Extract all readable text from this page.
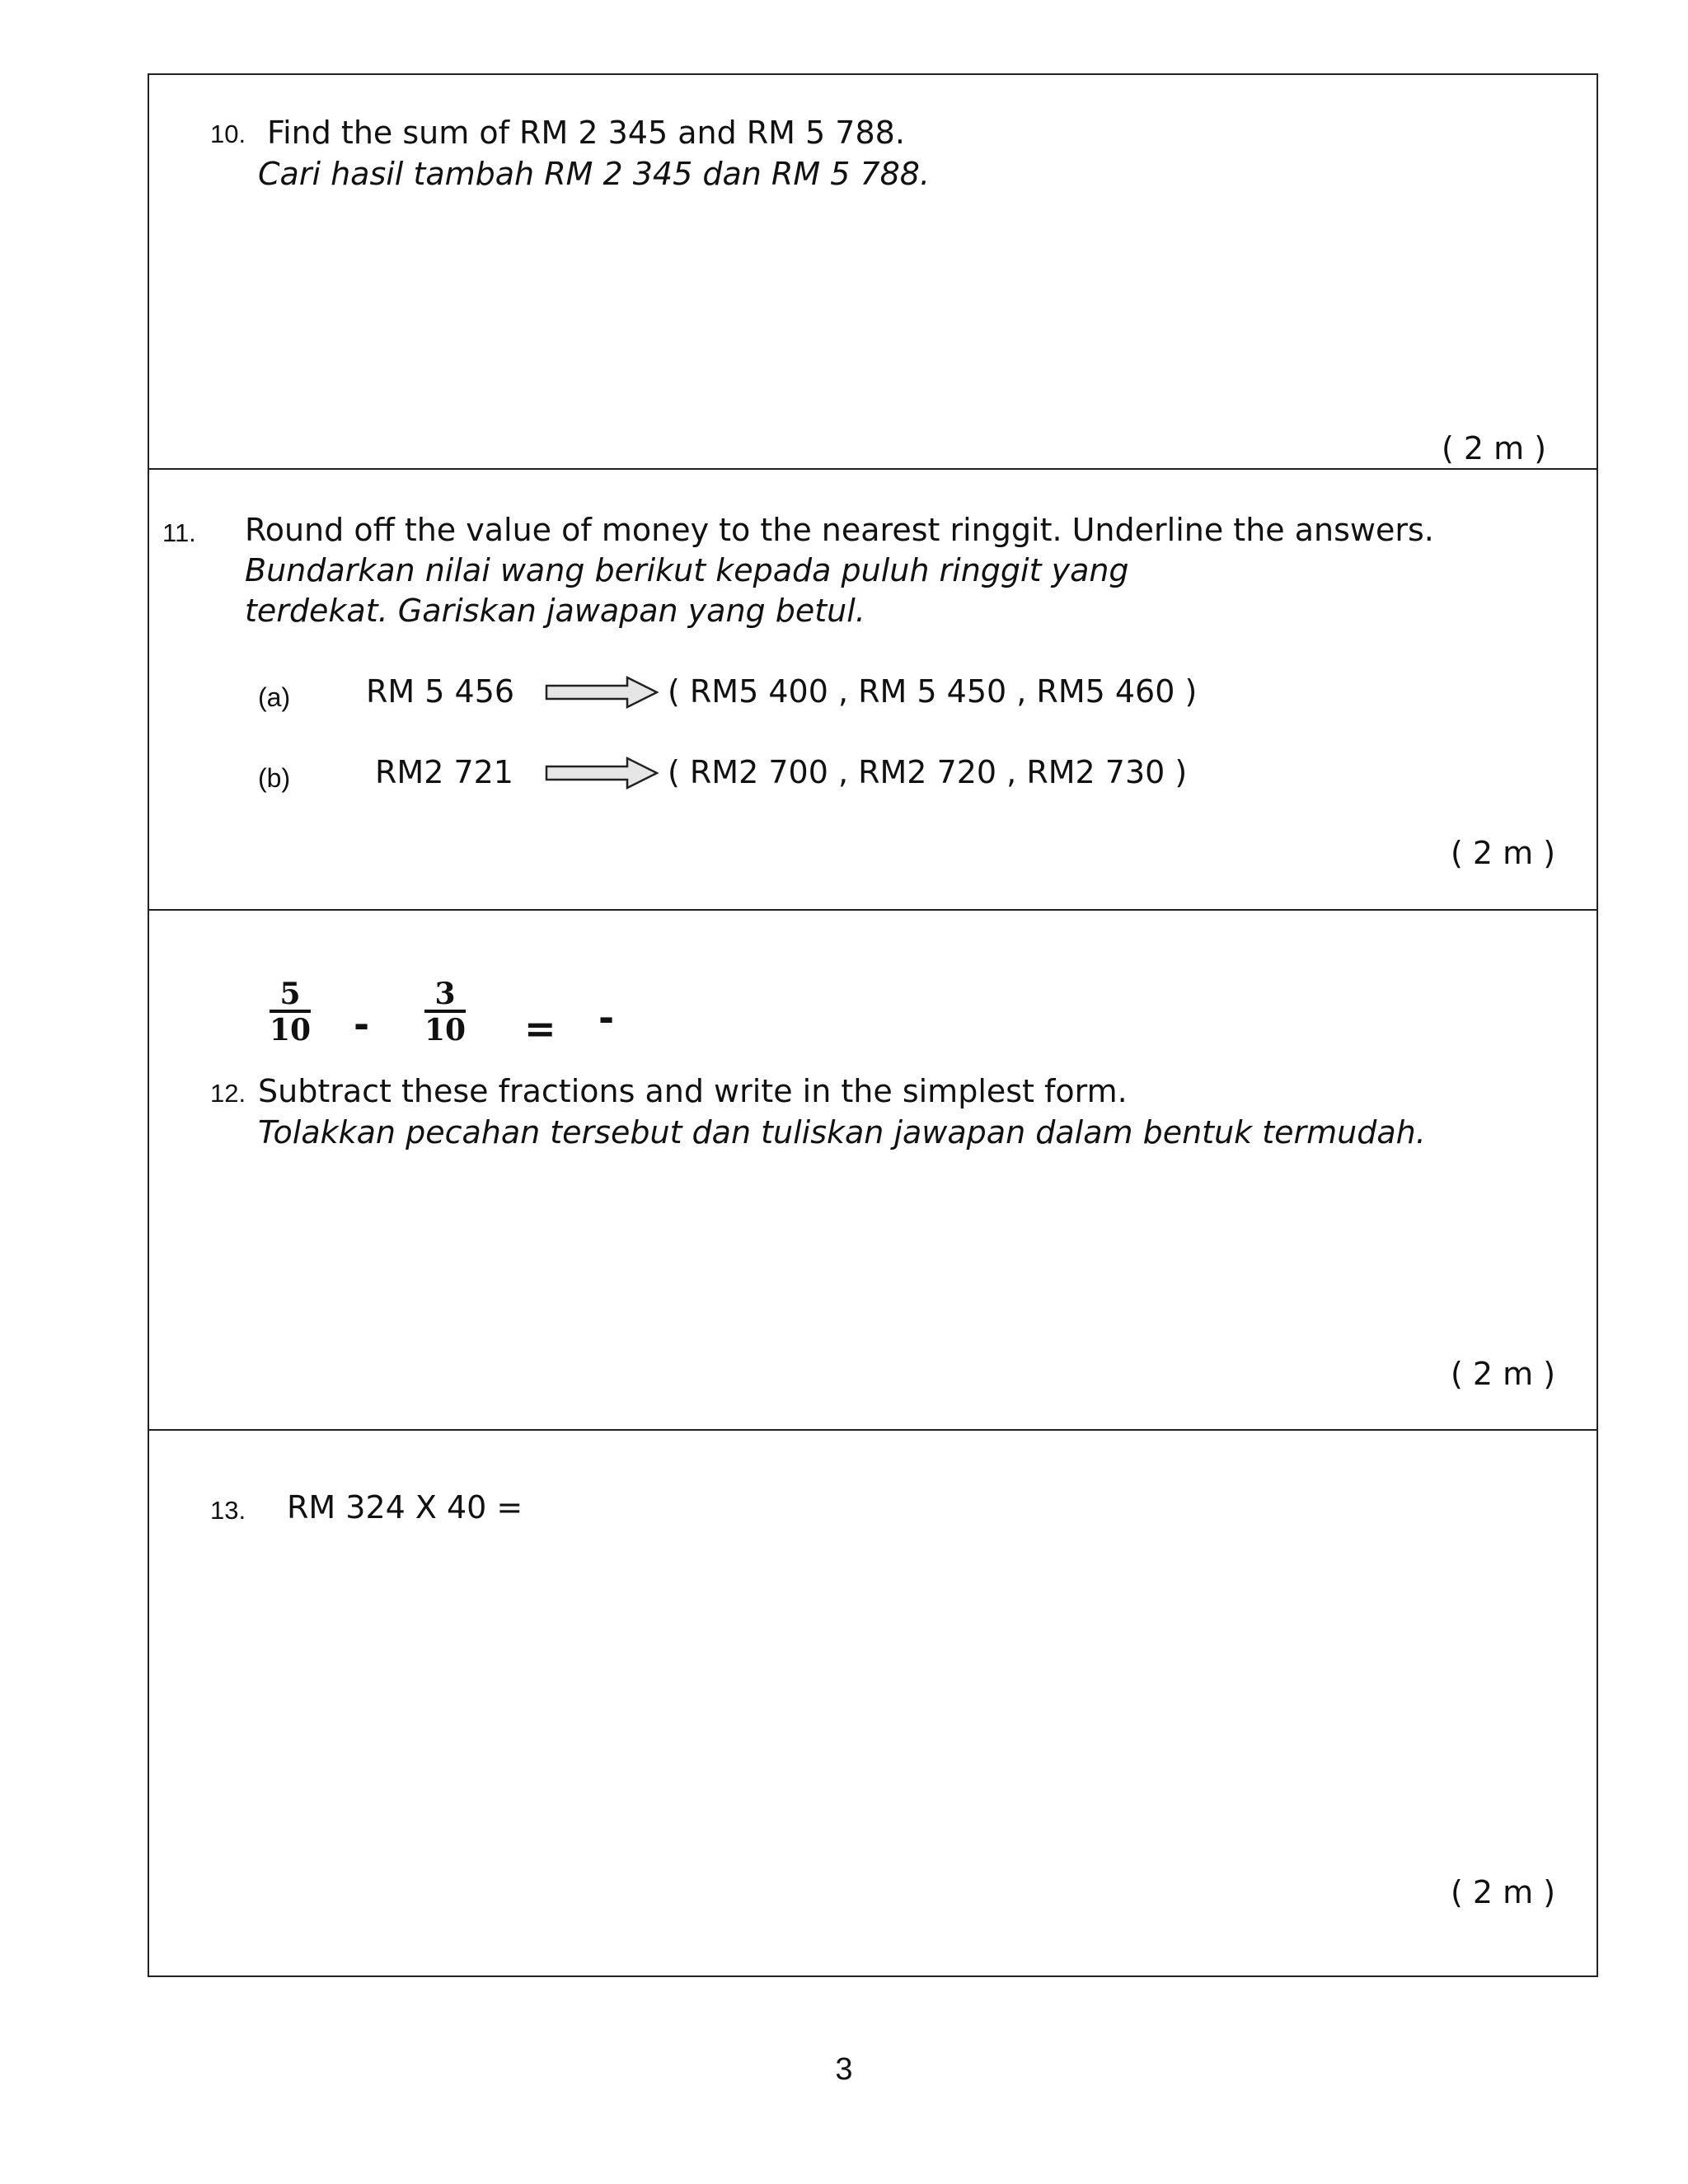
10. Find the sum of RM 2 345 and RM 5 788.
Cari hasil tambah RM 2 345 dan RM 5 788.
( 2 m )
11. Round off the value of money to the nearest ringgit. Underline the answers.
Bundarkan nilai wang berikut kepada puluh ringgit yang
terdekat. Gariskan jawapan yang betul.
(a) RM 5 456	( RM5 400 , RM 5 450 , RM5 460 )
(b)	RM2 721	( RM2 700 , RM2 720 , RM2 730 )
( 2 m )
$\frac{5}{10} - \frac{3}{10}$ = -
12. Subtract these fractions and write in the simplest form.
Tolakkan pecahan tersebut dan tuliskan jawapan dalam bentuk termudah.
( 2 m )
13. RM 324 X 40 =
( 2 m )
3
